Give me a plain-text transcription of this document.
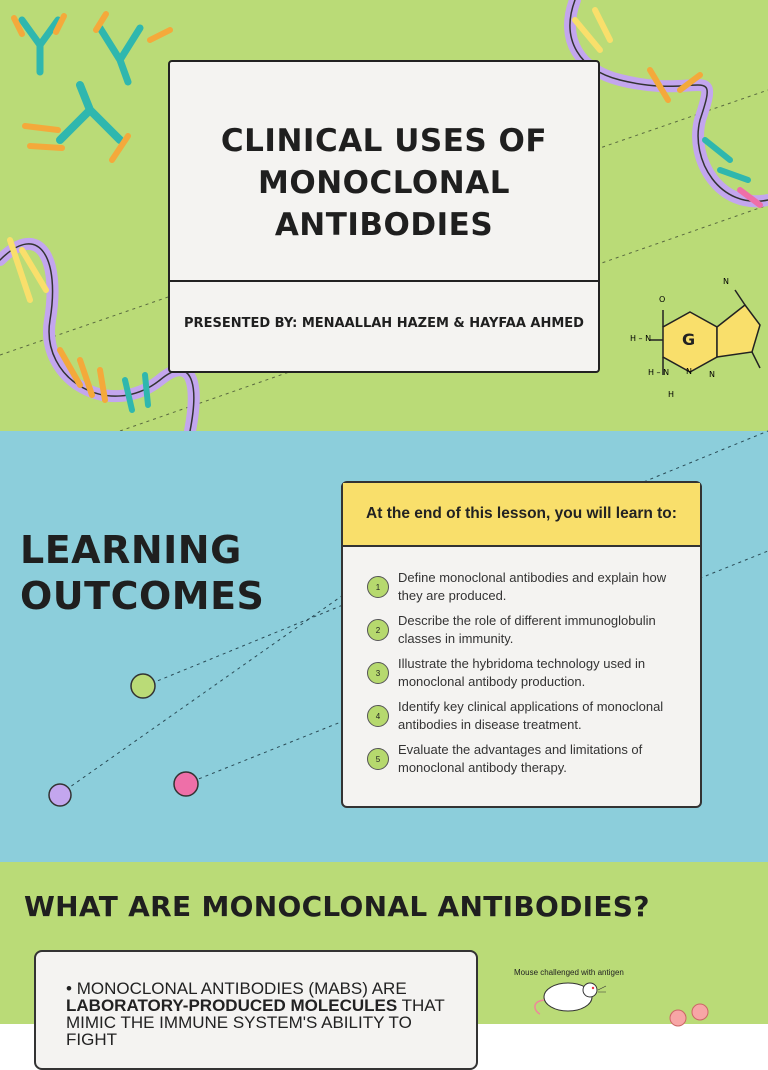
O
H – N
N
N N
H – N
H
G
CLINICAL USES OF MONOCLONAL ANTIBODIES
PRESENTED BY: MENAALLAH HAZEM & HAYFAA AHMED
LEARNING
OUTCOMES
At the end of this lesson, you will learn to:
1
Define monoclonal antibodies and explain how they are produced.
2
Describe the role of different immunoglobulin classes in immunity.
3
Illustrate the hybridoma technology used in monoclonal antibody production.
4
Identify key clinical applications of monoclonal antibodies in disease treatment.
5
Evaluate the advantages and limitations of monoclonal antibody therapy.
WHAT ARE MONOCLONAL ANTIBODIES?
• MONOCLONAL ANTIBODIES (MABS) ARE LABORATORY-PRODUCED MOLECULES THAT MIMIC THE IMMUNE SYSTEM'S ABILITY TO FIGHT
Mouse challenged with antigen
